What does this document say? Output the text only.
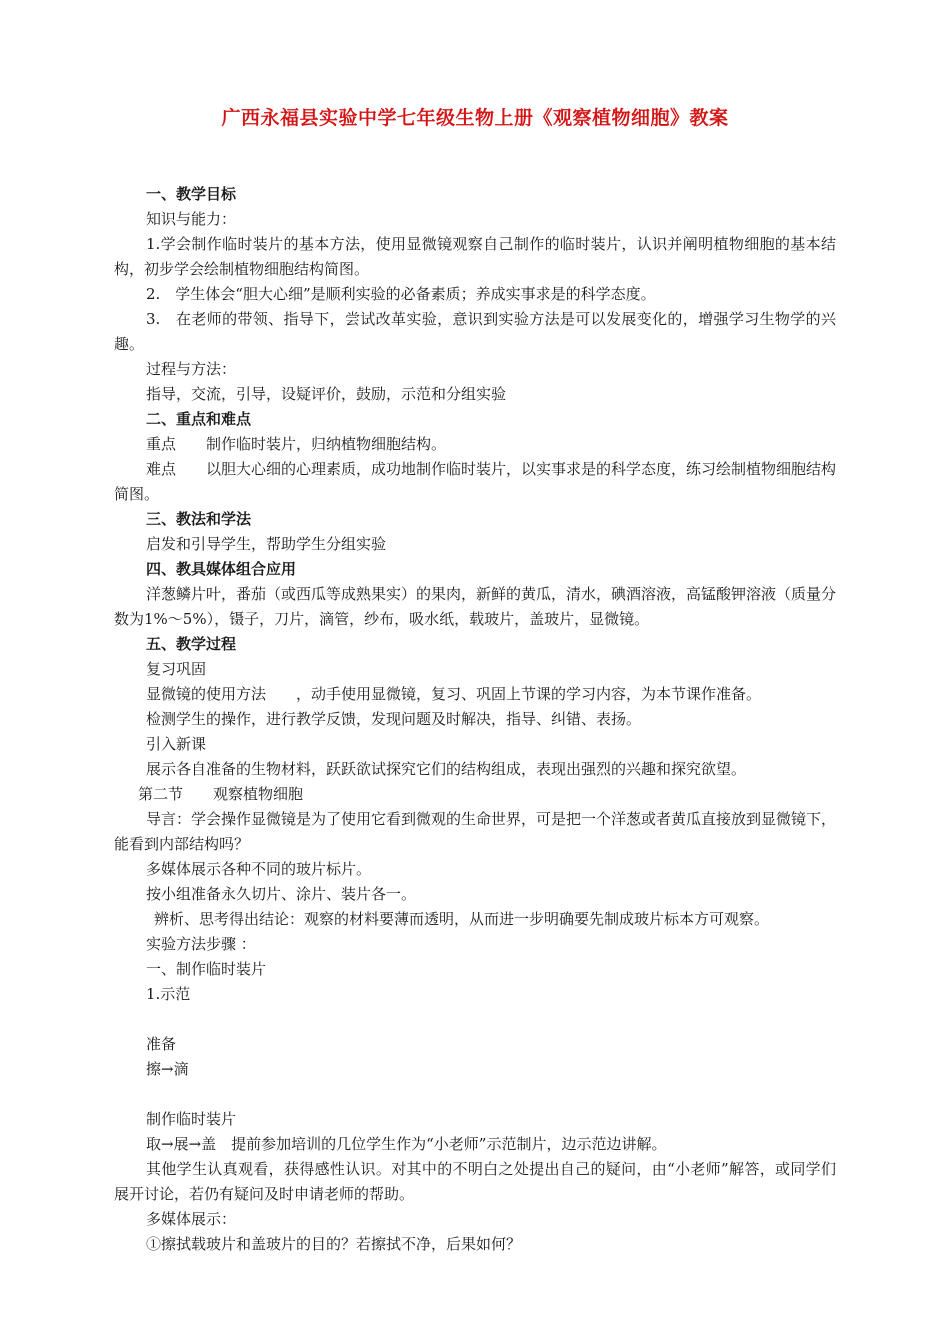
广西永福县实验中学七年级生物上册《观察植物细胞》教案
一、教学目标
知识与能力：
1.学会制作临时装片的基本方法，使用显微镜观察自己制作的临时装片，认识并阐明植物细胞的基本结构，初步学会绘制植物细胞结构简图。
2.　学生体会“胆大心细”是顺利实验的必备素质；养成实事求是的科学态度。
3.　在老师的带领、指导下，尝试改革实验，意识到实验方法是可以发展变化的，增强学习生物学的兴趣。
过程与方法：
指导，交流，引导，设疑评价，鼓励，示范和分组实验
二、重点和难点
重点　　制作临时装片，归纳植物细胞结构。
难点　　以胆大心细的心理素质，成功地制作临时装片，以实事求是的科学态度，练习绘制植物细胞结构简图。
三、教法和学法
启发和引导学生，帮助学生分组实验
四、教具媒体组合应用
洋葱鳞片叶，番茄（或西瓜等成熟果实）的果肉，新鲜的黄瓜，清水，碘酒溶液，高锰酸钾溶液（质量分数为1%～5%），镊子，刀片，滴管，纱布，吸水纸，载玻片，盖玻片，显微镜。
五、教学过程
复习巩固
显微镜的使用方法　　，动手使用显微镜，复习、巩固上节课的学习内容，为本节课作准备。
检测学生的操作，进行教学反馈，发现问题及时解决，指导、纠错、表扬。
引入新课
展示各自准备的生物材料，跃跃欲试探究它们的结构组成，表现出强烈的兴趣和探究欲望。
第二节　　观察植物细胞
导言：学会操作显微镜是为了使用它看到微观的生命世界，可是把一个洋葱或者黄瓜直接放到显微镜下，能看到内部结构吗？
多媒体展示各种不同的玻片标片。
按小组准备永久切片、涂片、装片各一。
辨析、思考得出结论：观察的材料要薄而透明，从而进一步明确要先制成玻片标本方可观察。
实验方法步骤 ：
一、制作临时装片
1.示范
准备
擦→滴
制作临时装片
取→展→盖　提前参加培训的几位学生作为“小老师”示范制片，边示范边讲解。
其他学生认真观看，获得感性认识。对其中的不明白之处提出自己的疑问，由“小老师”解答，或同学们展开讨论，若仍有疑问及时申请老师的帮助。
多媒体展示：
①擦拭载玻片和盖玻片的目的？若擦拭不净，后果如何？
